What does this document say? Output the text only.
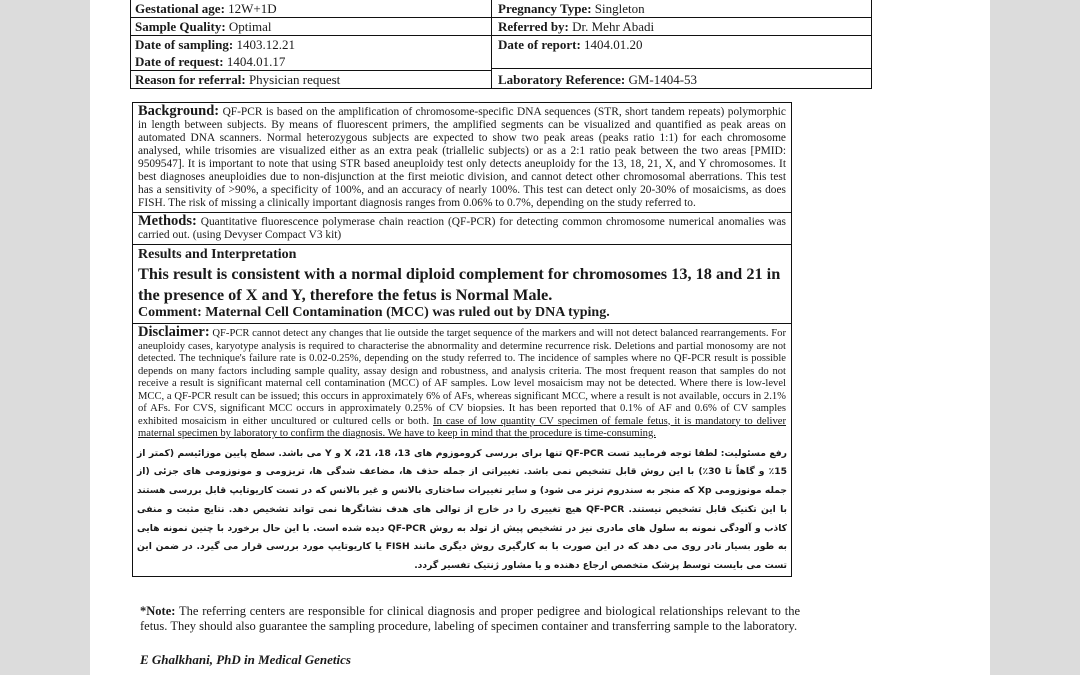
Gestational age: 12W+1D
Sample Quality: Optimal
Date of sampling: 1403.12.21
Date of request: 1404.01.17
Reason for referral: Physician request
Pregnancy Type: Singleton
Referred by: Dr. Mehr Abadi
Date of report: 1404.01.20
Laboratory Reference: GM-1404-53
Background: QF-PCR is based on the amplification of chromosome-specific DNA sequences (STR, short tandem repeats) polymorphic in length between subjects. By means of fluorescent primers, the amplified segments can be visualized and quantified as peak areas on automated DNA scanners. Normal heterozygous subjects are expected to show two peak areas (peaks ratio 1:1) for each chromosome analysed, while trisomies are visualized either as an extra peak (triallelic subjects) or as a 2:1 ratio peak between the two areas [PMID: 9509547]. It is important to note that using STR based aneuploidy test only detects aneuploidy for the 13, 18, 21, X, and Y chromosomes. It best diagnoses aneuploidies due to non-disjunction at the first meiotic division, and cannot detect other chromosomal aberrations. This test has a sensitivity of >90%, a specificity of 100%, and an accuracy of nearly 100%. This test can detect only 20-30% of mosaicisms, as does FISH. The risk of missing a clinically important diagnosis ranges from 0.06% to 0.7%, depending on the study referred to.
Methods: Quantitative fluorescence polymerase chain reaction (QF-PCR) for detecting common chromosome numerical anomalies was carried out. (using Devyser Compact V3 kit)
Results and Interpretation
This result is consistent with a normal diploid complement for chromosomes 13, 18 and 21 in the presence of X and Y, therefore the fetus is Normal Male.
Comment: Maternal Cell Contamination (MCC) was ruled out by DNA typing.
Disclaimer: QF-PCR cannot detect any changes that lie outside the target sequence of the markers and will not detect balanced rearrangements. For aneuploidy cases, karyotype analysis is required to characterise the abnormality and determine recurrence risk. Deletions and partial monosomy are not detected. The technique's failure rate is 0.02-0.25%, depending on the study referred to. The incidence of samples where no QF-PCR result is possible depends on many factors including sample quality, assay design and robustness, and analysis criteria. The most frequent reason that samples do not receive a result is significant maternal cell contamination (MCC) of AF samples. Low level mosaicism may not be detected. Where there is low-level MCC, a QF-PCR result can be issued; this occurs in approximately 6% of AFs, whereas significant MCC, where a result is not available, occurs in 2.1% of AFs. For CVS, significant MCC occurs in approximately 0.25% of CV biopsies. It has been reported that 0.1% of AF and 0.6% of CV samples exhibited mosaicism in either uncultured or cultured cells or both. In case of low quantity CV specimen of female fetus, it is mandatory to deliver maternal specimen by laboratory to confirm the diagnosis. We have to keep in mind that the procedure is time-consuming.
رفع مسئولیت: لطفا توجه فرمایید تست QF-PCR تنها برای بررسی کروموزوم های 13، 18، 21، X و Y می باشد. سطح پایین موزائیسم (کمتر از 15٪ و گاهاً تا 30٪) با این روش قابل تشخیص نمی باشد. تغییراتی از جمله حذف ها، مضاعف شدگی ها، تریزومی و مونوزومی های جزئی (از جمله مونوزومی Xp که منجر به سندروم ترنر می شود) و سایر تغییرات ساختاری بالانس و غیر بالانس که در تست کاریوتایپ قابل بررسی هستند با این تکنیک قابل تشخیص نیستند. QF-PCR هیچ تغییری را در خارج از توالی های هدف نشانگرها نمی تواند تشخیص دهد. نتایج مثبت و منفی کاذب و آلودگی نمونه به سلول های مادری نیز در تشخیص پیش از تولد به روش QF-PCR دیده شده است. با این حال برخورد با چنین نمونه هایی به طور بسیار نادر روی می دهد که در این صورت با به کارگیری روش دیگری مانند FISH یا کاریوتایپ مورد بررسی قرار می گیرد. در ضمن این تست می بایست توسط پزشک متخصص ارجاع دهنده و یا مشاور ژنتیک تفسیر گردد.
*Note: The referring centers are responsible for clinical diagnosis and proper pedigree and biological relationships relevant to the fetus. They should also guarantee the sampling procedure, labeling of specimen container and transferring sample to the laboratory.
E Ghalkhani, PhD in Medical Genetics
